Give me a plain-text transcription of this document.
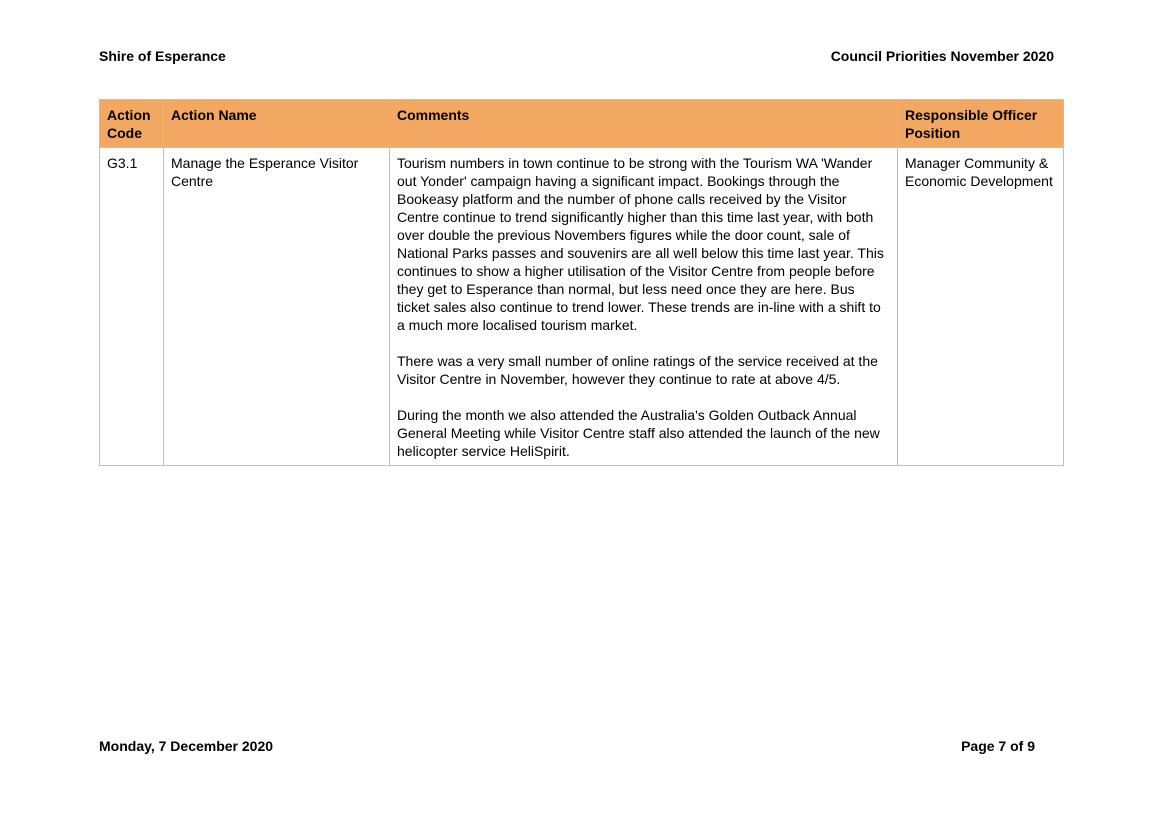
Shire of Esperance	Council Priorities November 2020
Action Code	Action Name	Comments	Responsible Officer Position
G3.1	Manage the Esperance Visitor Centre	Tourism numbers in town continue to be strong with the Tourism WA 'Wander out Yonder' campaign having a significant impact. Bookings through the Bookeasy platform and the number of phone calls received by the Visitor Centre continue to trend significantly higher than this time last year, with both over double the previous Novembers figures while the door count, sale of National Parks passes and souvenirs are all well below this time last year. This continues to show a higher utilisation of the Visitor Centre from people before they get to Esperance than normal, but less need once they are here. Bus ticket sales also continue to trend lower. These trends are in-line with a shift to a much more localised tourism market.

There was a very small number of online ratings of the service received at the Visitor Centre in November, however they continue to rate at above 4/5.

During the month we also attended the Australia's Golden Outback Annual General Meeting while Visitor Centre staff also attended the launch of the new helicopter service HeliSpirit.	Manager Community & Economic Development
Monday, 7 December 2020	Page 7 of 9
